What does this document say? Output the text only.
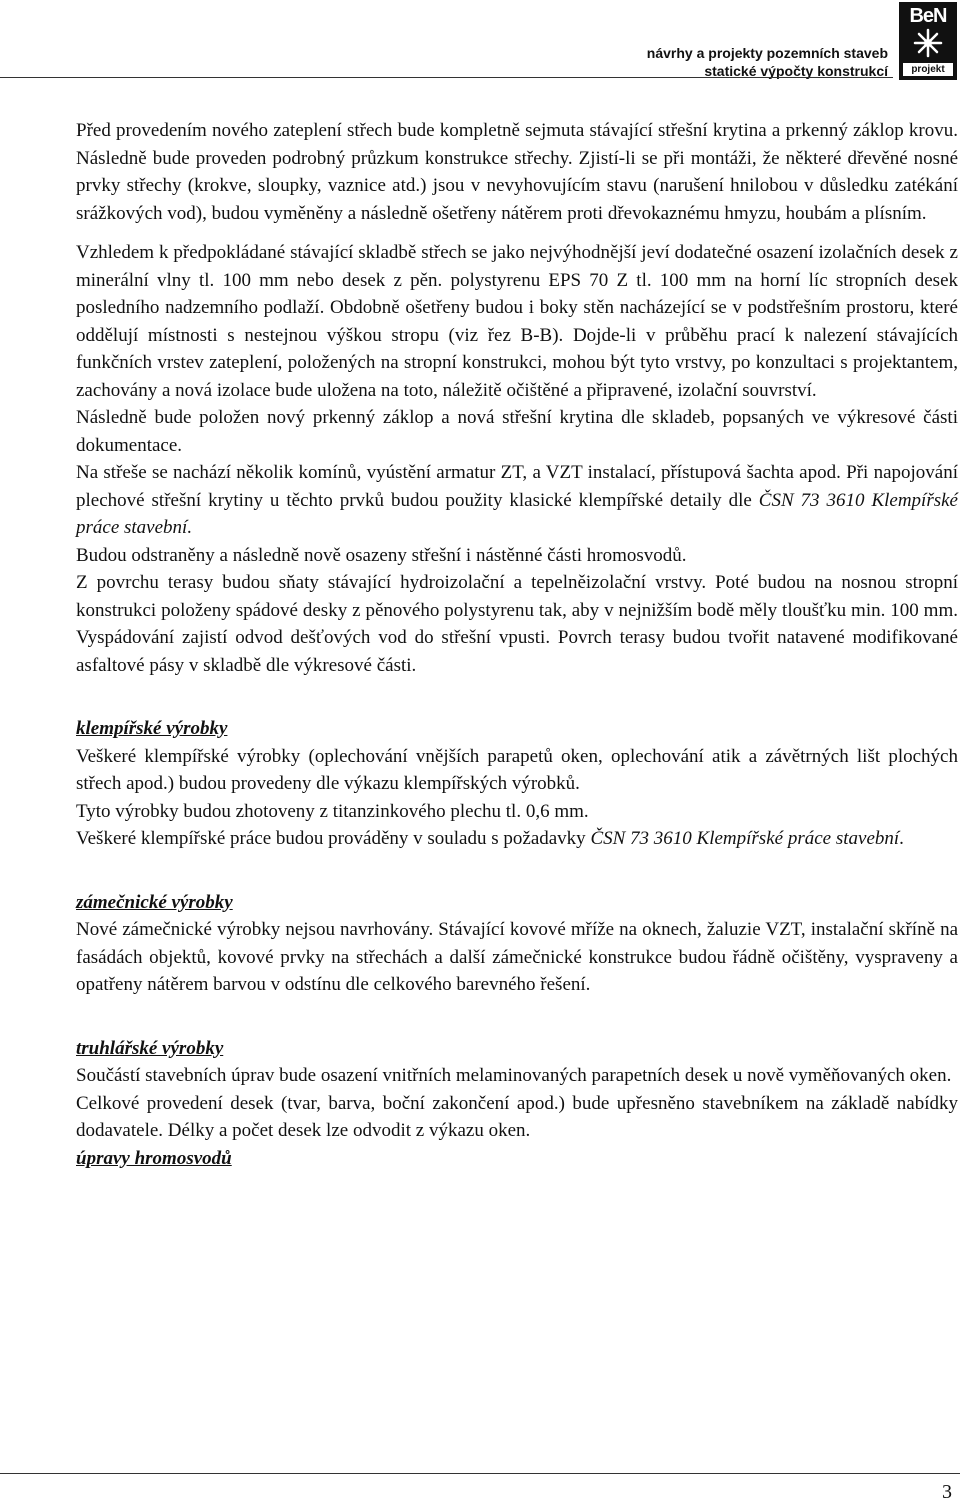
návrhy a projekty pozemních staveb
statické výpočty konstrukcí
BeN
projekt

Před provedením nového zateplení střech bude kompletně sejmuta stávající střešní krytina a prkenný záklop krovu. Následně bude proveden podrobný průzkum konstrukce střechy. Zjistí-li se při montáži, že některé dřevěné nosné prvky střechy (krokve, sloupky, vaznice atd.) jsou v nevyhovujícím stavu (narušení hnilobou v důsledku zatékání srážkových vod), budou vyměněny a následně ošetřeny nátěrem proti dřevokaznému hmyzu, houbám a plísním.

Vzhledem k předpokládané stávající skladbě střech se jako nejvýhodnější jeví dodatečné osazení izolačních desek z minerální vlny tl. 100 mm nebo desek z pěn. polystyrenu EPS 70 Z tl. 100 mm na horní líc stropních desek posledního nadzemního podlaží. Obdobně ošetřeny budou i boky stěn nacházející se v podstřešním prostoru, které oddělují místnosti s nestejnou výškou stropu (viz řez B-B). Dojde-li v průběhu prací k nalezení stávajících funkčních vrstev zateplení, položených na stropní konstrukci, mohou být tyto vrstvy, po konzultaci s projektantem, zachovány a nová izolace bude uložena na toto, náležitě očištěné a připravené, izolační souvrství.

Následně bude položen nový prkenný záklop a nová střešní krytina dle skladeb, popsaných ve výkresové části dokumentace.

Na střeše se nachází několik komínů, vyústění armatur ZT, a VZT instalací, přístupová šachta apod. Při napojování plechové střešní krytiny u těchto prvků budou použity klasické klempířské detaily dle ČSN 73 3610 Klempířské práce stavební.

Budou odstraněny a následně nově osazeny střešní i nástěnné části hromosvodů.

Z povrchu terasy budou sňaty stávající hydroizolační a tepelněizolační vrstvy. Poté budou na nosnou stropní konstrukci položeny spádové desky z pěnového polystyrenu tak, aby v nejnižším bodě měly tloušťku min. 100 mm. Vyspádování zajistí odvod dešťových vod do střešní vpusti. Povrch terasy budou tvořit natavené modifikované asfaltové pásy v skladbě dle výkresové části.

klempířské výrobky

Veškeré klempířské výrobky (oplechování vnějších parapetů oken, oplechování atik a závětrných lišt plochých střech apod.) budou provedeny dle výkazu klempířských výrobků.

Tyto výrobky budou zhotoveny z titanzinkového plechu tl. 0,6 mm.

Veškeré klempířské práce budou prováděny v souladu s požadavky ČSN 73 3610 Klempířské práce stavební.

zámečnické výrobky

Nové zámečnické výrobky nejsou navrhovány. Stávající kovové mříže na oknech, žaluzie VZT, instalační skříně na fasádách objektů, kovové prvky na střechách a další zámečnické konstrukce budou řádně očištěny, vyspraveny a opatřeny nátěrem barvou v odstínu dle celkového barevného řešení.

truhlářské výrobky

Součástí stavebních úprav bude osazení vnitřních melaminovaných parapetních desek u nově vyměňovaných oken.

Celkové provedení desek (tvar, barva, boční zakončení apod.) bude upřesněno stavebníkem na základě nabídky dodavatele. Délky a počet desek lze odvodit z výkazu oken.

úpravy hromosvodů

3
